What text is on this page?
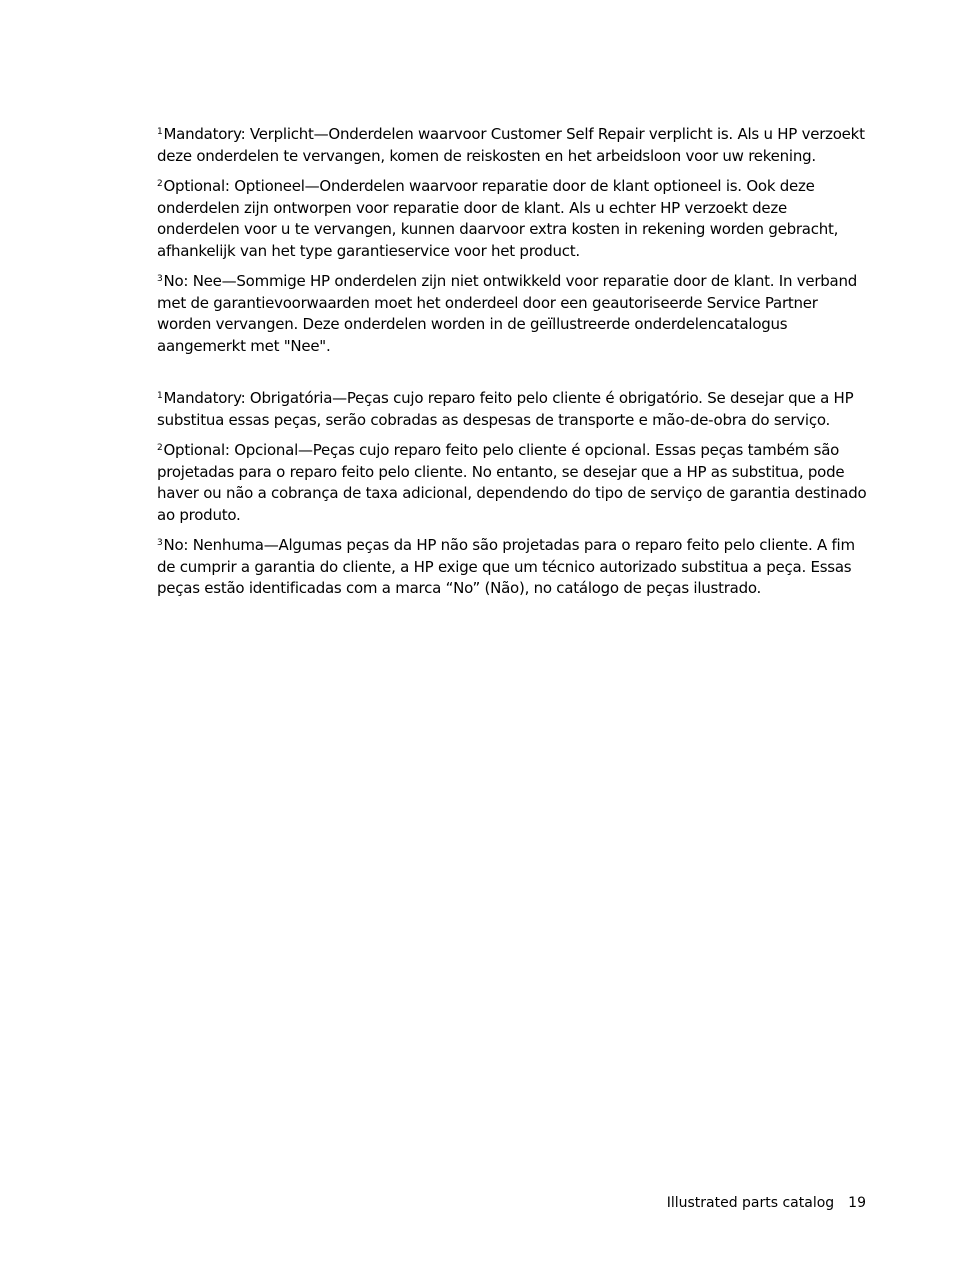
$^1$Mandatory: Verplicht—Onderdelen waarvoor Customer Self Repair verplicht is. Als u HP verzoekt deze onderdelen te vervangen, komen de reiskosten en het arbeidsloon voor uw rekening.

$^2$Optional: Optioneel—Onderdelen waarvoor reparatie door de klant optioneel is. Ook deze onderdelen zijn ontworpen voor reparatie door de klant. Als u echter HP verzoekt deze onderdelen voor u te vervangen, kunnen daarvoor extra kosten in rekening worden gebracht, afhankelijk van het type garantieservice voor het product.

$^3$No: Nee—Sommige HP onderdelen zijn niet ontwikkeld voor reparatie door de klant. In verband met de garantievoorwaarden moet het onderdeel door een geautoriseerde Service Partner worden vervangen. Deze onderdelen worden in de geïllustreerde onderdelencatalogus aangemerkt met "Nee".

$^1$Mandatory: Obrigatória—Peças cujo reparo feito pelo cliente é obrigatório. Se desejar que a HP substitua essas peças, serão cobradas as despesas de transporte e mão-de-obra do serviço.

$^2$Optional: Opcional—Peças cujo reparo feito pelo cliente é opcional. Essas peças também são projetadas para o reparo feito pelo cliente. No entanto, se desejar que a HP as substitua, pode haver ou não a cobrança de taxa adicional, dependendo do tipo de serviço de garantia destinado ao produto.

$^3$No: Nenhuma—Algumas peças da HP não são projetadas para o reparo feito pelo cliente. A fim de cumprir a garantia do cliente, a HP exige que um técnico autorizado substitua a peça. Essas peças estão identificadas com a marca “No” (Não), no catálogo de peças ilustrado.

Illustrated parts catalog 19
